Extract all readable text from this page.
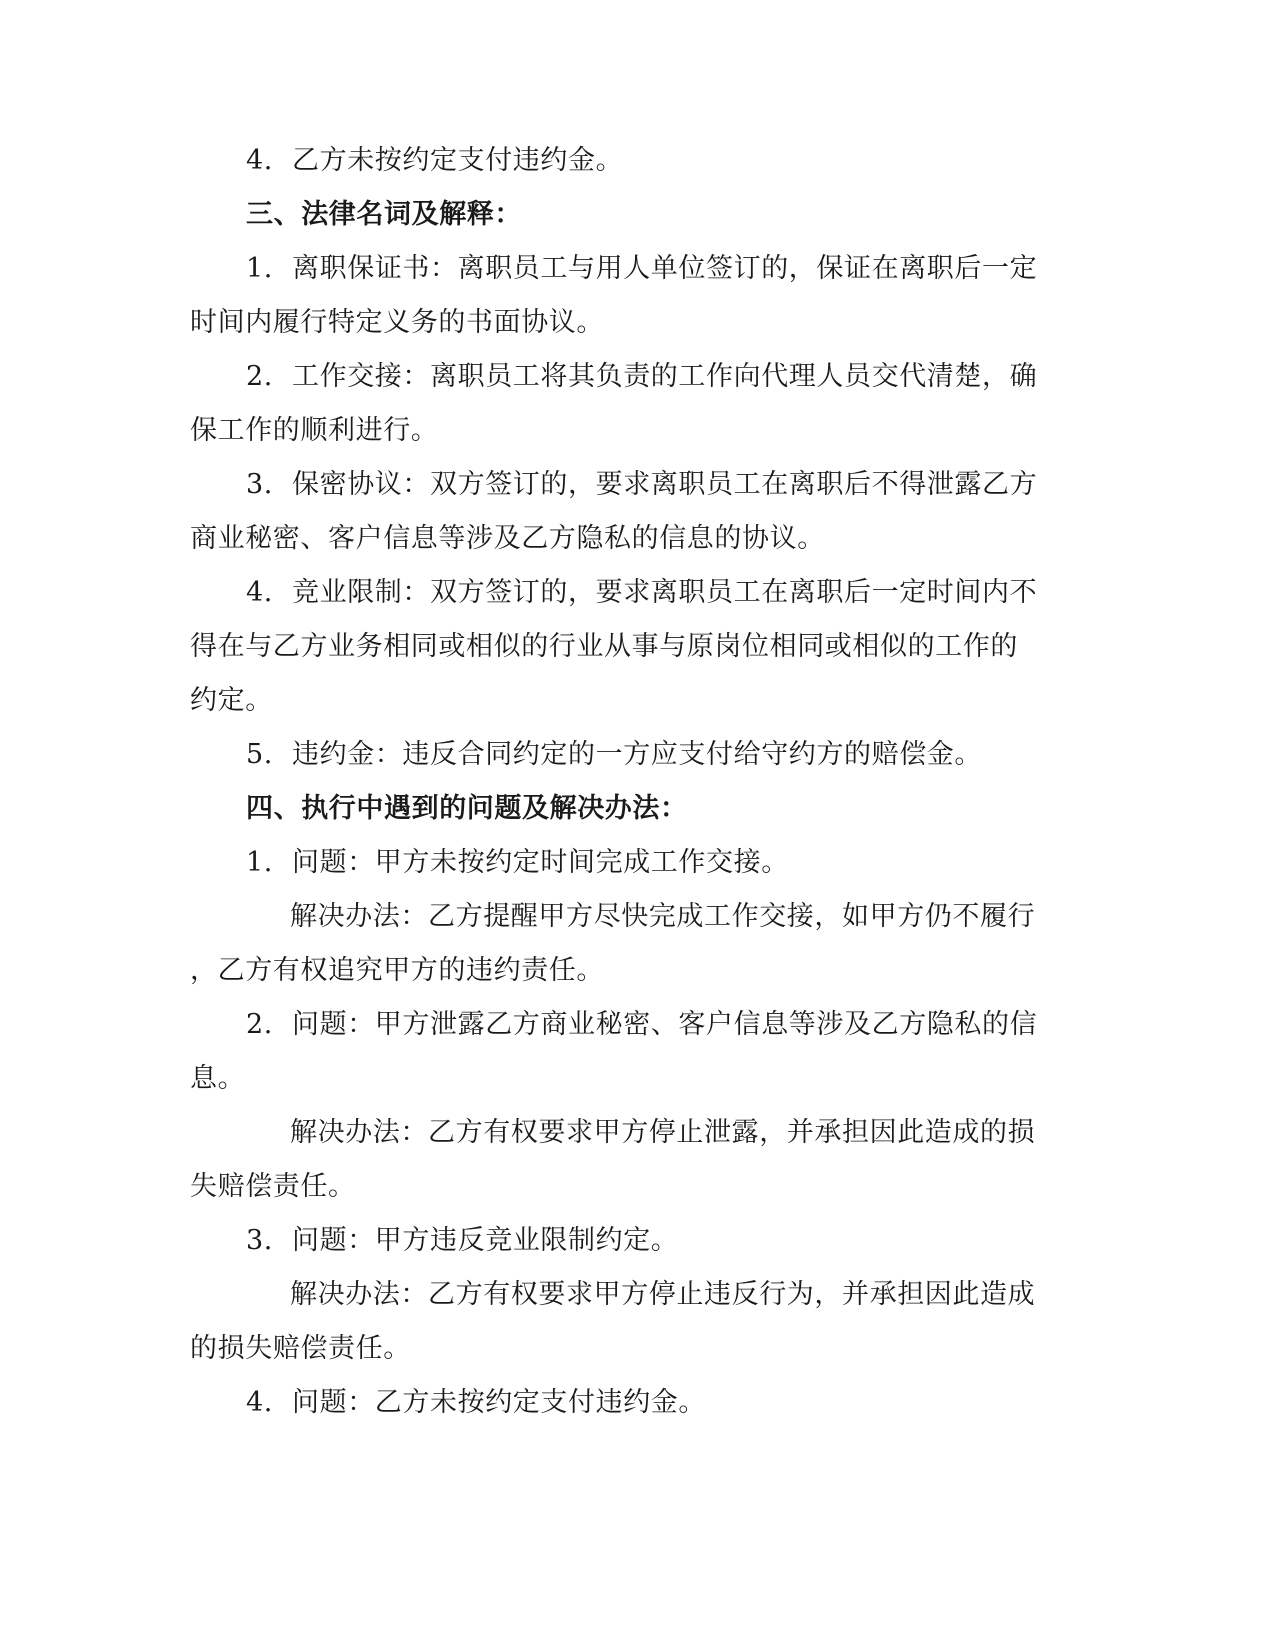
4. 乙方未按约定支付违约金。
三、法律名词及解释：
1. 离职保证书：离职员工与用人单位签订的，保证在离职后一定
时间内履行特定义务的书面协议。
2. 工作交接：离职员工将其负责的工作向代理人员交代清楚，确
保工作的顺利进行。
3. 保密协议：双方签订的，要求离职员工在离职后不得泄露乙方
商业秘密、客户信息等涉及乙方隐私的信息的协议。
4. 竞业限制：双方签订的，要求离职员工在离职后一定时间内不
得在与乙方业务相同或相似的行业从事与原岗位相同或相似的工作的
约定。
5. 违约金：违反合同约定的一方应支付给守约方的赔偿金。
四、执行中遇到的问题及解决办法：
1. 问题：甲方未按约定时间完成工作交接。
解决办法：乙方提醒甲方尽快完成工作交接，如甲方仍不履行
，乙方有权追究甲方的违约责任。
2. 问题：甲方泄露乙方商业秘密、客户信息等涉及乙方隐私的信
息。
解决办法：乙方有权要求甲方停止泄露，并承担因此造成的损
失赔偿责任。
3. 问题：甲方违反竞业限制约定。
解决办法：乙方有权要求甲方停止违反行为，并承担因此造成
的损失赔偿责任。
4. 问题：乙方未按约定支付违约金。
